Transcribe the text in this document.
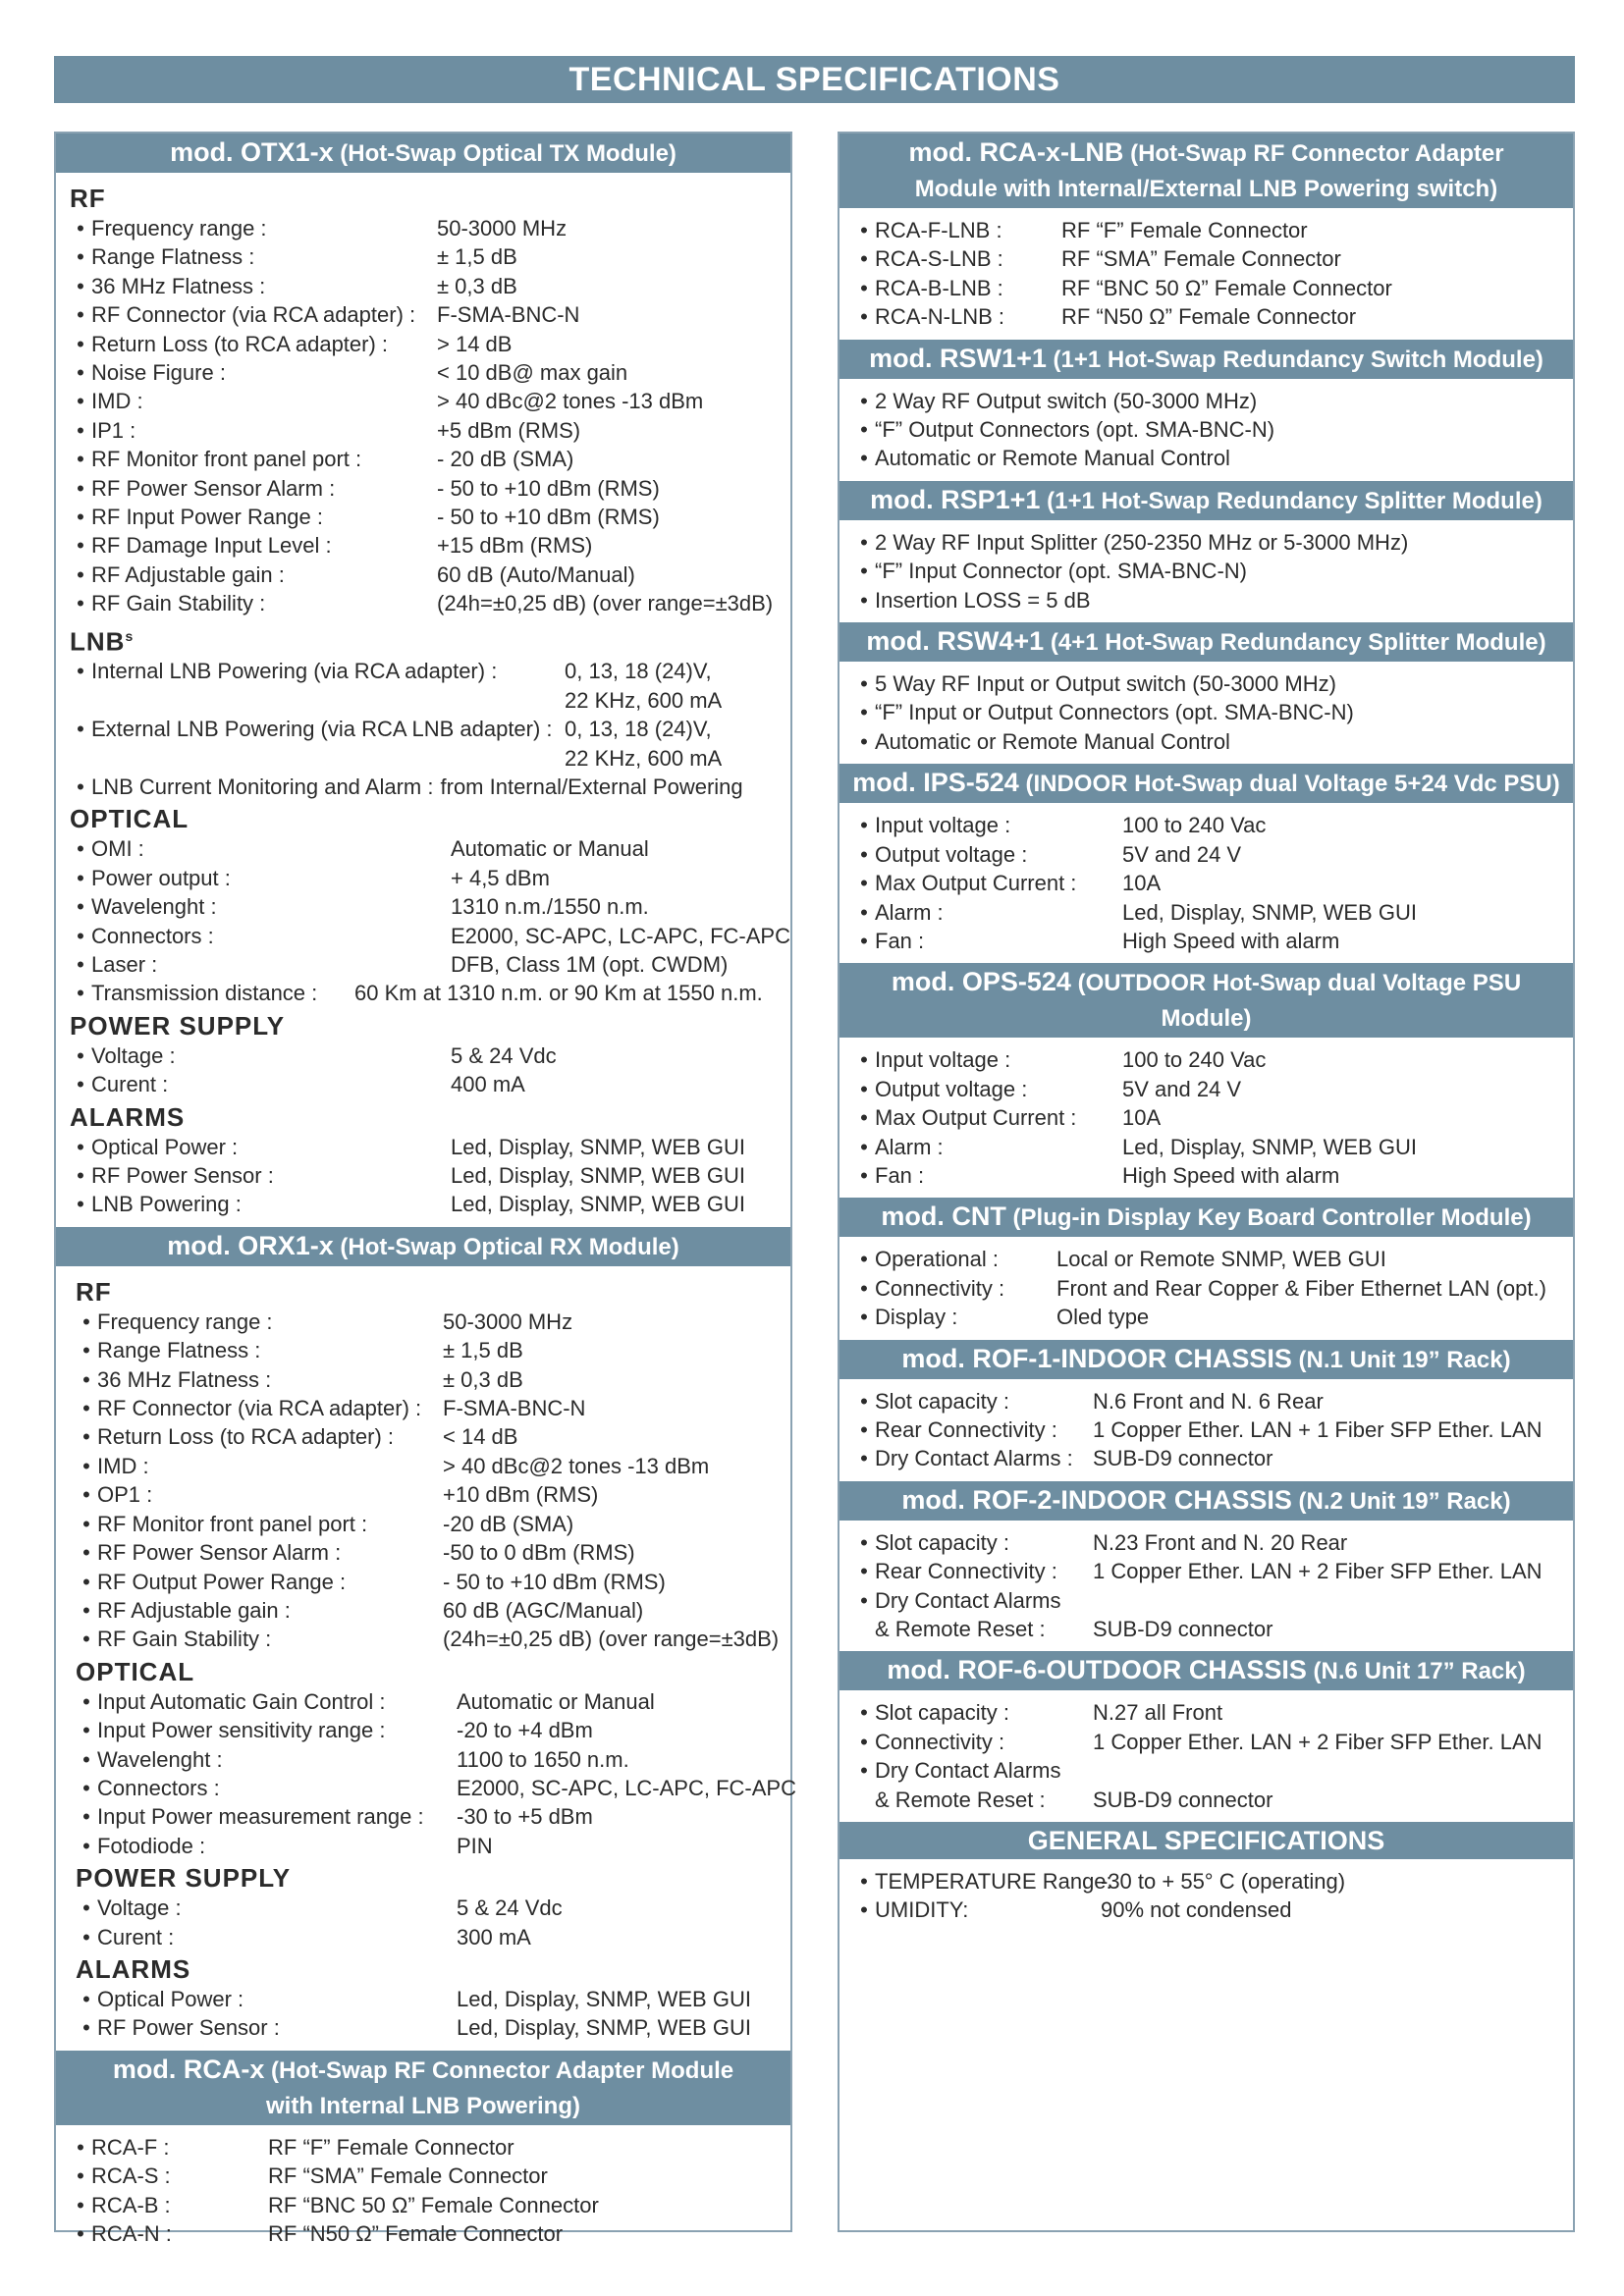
TECHNICAL SPECIFICATIONS
mod. OTX1-x (Hot-Swap Optical TX Module)
RF
• Frequency range :	50-3000 MHz
• Range Flatness :	± 1,5 dB
• 36 MHz Flatness :	± 0,3 dB
• RF Connector (via RCA adapter) : F-SMA-BNC-N
• Return Loss (to RCA adapter) :	> 14 dB
• Noise Figure :	< 10 dB@ max gain
• IMD :	> 40 dBc@2 tones -13 dBm
• IP1 :	+5 dBm (RMS)
• RF Monitor front panel port :	- 20 dB (SMA)
• RF Power Sensor Alarm :	- 50 to +10 dBm (RMS)
• RF Input Power Range :	- 50 to +10 dBm (RMS)
• RF Damage Input Level :	+15 dBm (RMS)
• RF Adjustable gain :	60 dB (Auto/Manual)
• RF Gain Stability :	(24h=±0,25 dB) (over range=±3dB)
LNB$^s$
• Internal LNB Powering (via RCA adapter) :	0, 13, 18 (24)V,
22 KHz, 600 mA
• External LNB Powering (via RCA LNB adapter) : 0, 13, 18 (24)V,
22 KHz, 600 mA
• LNB Current Monitoring and Alarm : from Internal/External Powering
OPTICAL
• OMI :	Automatic or Manual
• Power output :	+ 4,5 dBm
• Wavelenght :	1310 n.m./1550 n.m.
• Connectors :	E2000, SC-APC, LC-APC, FC-APC
• Laser :	DFB, Class 1M (opt. CWDM)
• Transmission distance :	60 Km at 1310 n.m. or 90 Km at 1550 n.m.
POWER SUPPLY
• Voltage :	5 & 24 Vdc
• Curent :	400 mA
ALARMS
• Optical Power :	Led, Display, SNMP, WEB GUI
• RF Power Sensor :	Led, Display, SNMP, WEB GUI
• LNB Powering :	Led, Display, SNMP, WEB GUI
mod. ORX1-x (Hot-Swap Optical RX Module)
RF
• Frequency range :	50-3000 MHz
• Range Flatness :	± 1,5 dB
• 36 MHz Flatness :	± 0,3 dB
• RF Connector (via RCA adapter) : F-SMA-BNC-N
• Return Loss (to RCA adapter) :	< 14 dB
• IMD :	> 40 dBc@2 tones -13 dBm
• OP1 :	+10 dBm (RMS)
• RF Monitor front panel port :	-20 dB (SMA)
• RF Power Sensor Alarm :	-50 to 0 dBm (RMS)
• RF Output Power Range :	- 50 to +10 dBm (RMS)
• RF Adjustable gain :	60 dB (AGC/Manual)
• RF Gain Stability :	(24h=±0,25 dB) (over range=±3dB)
OPTICAL
• Input Automatic Gain Control :	Automatic or Manual
• Input Power sensitivity range :	-20 to +4 dBm
• Wavelenght :	1100 to 1650 n.m.
• Connectors :	E2000, SC-APC, LC-APC, FC-APC
• Input Power measurement range :	-30 to +5 dBm
• Fotodiode :	PIN
POWER SUPPLY
• Voltage :	5 & 24 Vdc
• Curent :	300 mA
ALARMS
• Optical Power :	Led, Display, SNMP, WEB GUI
• RF Power Sensor :	Led, Display, SNMP, WEB GUI
mod. RCA-x (Hot-Swap RF Connector Adapter Module
with Internal LNB Powering)
• RCA-F :	RF “F” Female Connector
• RCA-S :	RF “SMA” Female Connector
• RCA-B :	RF “BNC 50 Ω” Female Connector
• RCA-N :	RF “N50 Ω” Female Connector
mod. RCA-x-LNB (Hot-Swap RF Connector Adapter
Module with Internal/External LNB Powering switch)
• RCA-F-LNB :	RF “F” Female Connector
• RCA-S-LNB :	RF “SMA” Female Connector
• RCA-B-LNB :	RF “BNC 50 Ω” Female Connector
• RCA-N-LNB :	RF “N50 Ω” Female Connector
mod. RSW1+1 (1+1 Hot-Swap Redundancy Switch Module)
• 2 Way RF Output switch (50-3000 MHz)
• “F” Output Connectors (opt. SMA-BNC-N)
• Automatic or Remote Manual Control
mod. RSP1+1 (1+1 Hot-Swap Redundancy Splitter Module)
• 2 Way RF Input Splitter (250-2350 MHz or 5-3000 MHz)
• “F” Input Connector (opt. SMA-BNC-N)
• Insertion LOSS = 5 dB
mod. RSW4+1 (4+1 Hot-Swap Redundancy Splitter Module)
• 5 Way RF Input or Output switch (50-3000 MHz)
• “F” Input or Output Connectors (opt. SMA-BNC-N)
• Automatic or Remote Manual Control
mod. IPS-524 (INDOOR Hot-Swap dual Voltage 5+24 Vdc PSU)
• Input voltage :	100 to 240 Vac
• Output voltage :	5V and 24 V
• Max Output Current :	10A
• Alarm :	Led, Display, SNMP, WEB GUI
• Fan :	High Speed with alarm
mod. OPS-524 (OUTDOOR Hot-Swap dual Voltage PSU Module)
• Input voltage :	100 to 240 Vac
• Output voltage :	5V and 24 V
• Max Output Current :	10A
• Alarm :	Led, Display, SNMP, WEB GUI
• Fan :	High Speed with alarm
mod. CNT (Plug-in Display Key Board Controller Module)
• Operational :	Local or Remote SNMP, WEB GUI
• Connectivity :	Front and Rear Copper & Fiber Ethernet LAN (opt.)
• Display :	Oled type
mod. ROF-1-INDOOR CHASSIS (N.1 Unit 19” Rack)
• Slot capacity :	N.6 Front and N. 6 Rear
• Rear Connectivity :	1 Copper Ether. LAN + 1 Fiber SFP Ether. LAN
• Dry Contact Alarms : SUB-D9 connector
mod. ROF-2-INDOOR CHASSIS (N.2 Unit 19” Rack)
• Slot capacity :	N.23 Front and N. 20 Rear
• Rear Connectivity :	1 Copper Ether. LAN + 2 Fiber SFP Ether. LAN
• Dry Contact Alarms
& Remote Reset :	SUB-D9 connector
mod. ROF-6-OUTDOOR CHASSIS (N.6 Unit 17” Rack)
• Slot capacity :	N.27 all Front
• Connectivity :	1 Copper Ether. LAN + 2 Fiber SFP Ether. LAN
• Dry Contact Alarms
& Remote Reset :	SUB-D9 connector
GENERAL SPECIFICATIONS
• TEMPERATURE Range:
-30 to + 55° C (operating)
• UMIDITY:	90% not condensed
